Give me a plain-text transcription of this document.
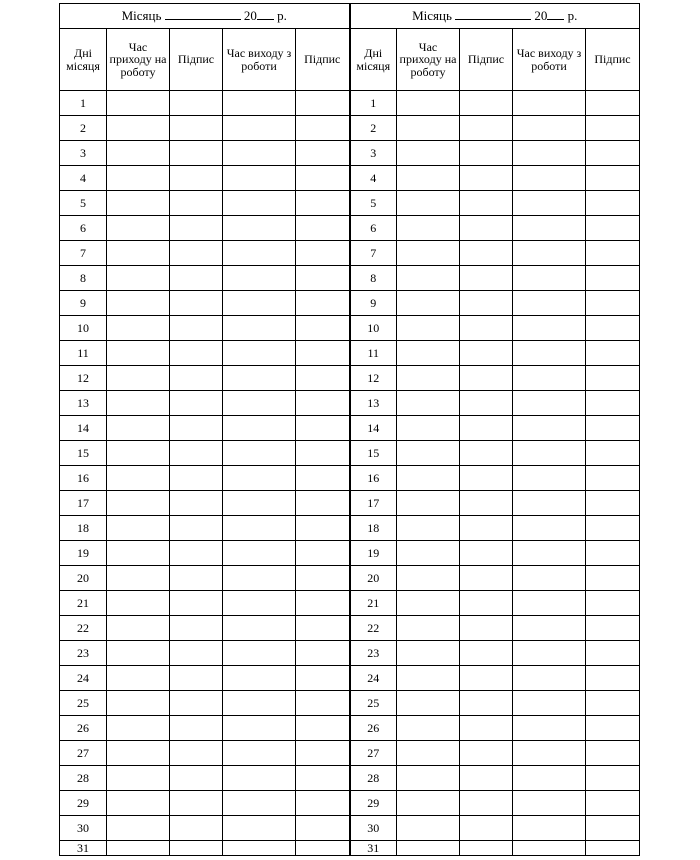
Місяць 20 р.					Місяць 20 р.				
Дні місяця	Час приходу на роботу	Підпис	Час виходу з роботи	Підпис	Дні місяця	Час приходу на роботу	Підпис	Час виходу з роботи	Підпис
1					1				
2					2				
3					3				
4					4				
5					5				
6					6				
7					7				
8					8				
9					9				
10					10				
11					11				
12					12				
13					13				
14					14				
15					15				
16					16				
17					17				
18					18				
19					19				
20					20				
21					21				
22					22				
23					23				
24					24				
25					25				
26					26				
27					27				
28					28				
29					29				
30					30				
31					31				
